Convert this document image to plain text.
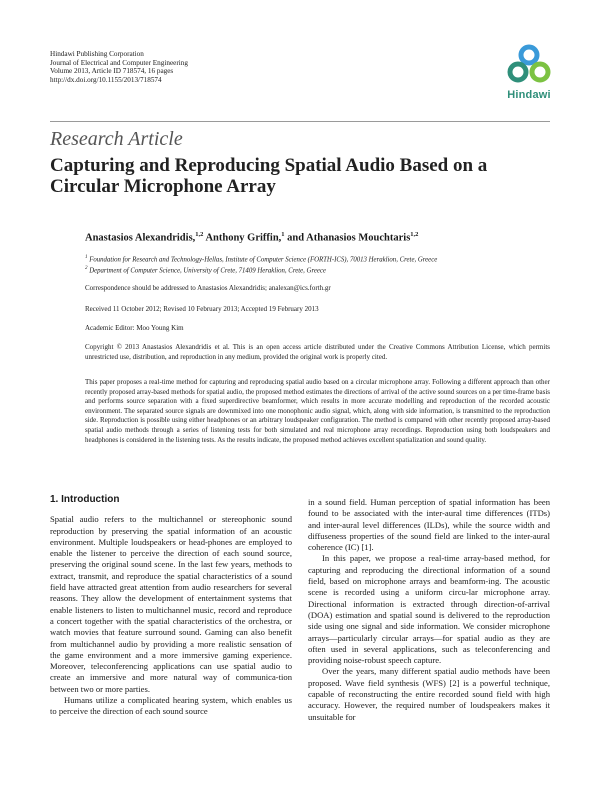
Hindawi Publishing Corporation
Journal of Electrical and Computer Engineering
Volume 2013, Article ID 718574, 16 pages
http://dx.doi.org/10.1155/2013/718574
Hindawi
Research Article
Capturing and Reproducing Spatial Audio Based on a Circular Microphone Array
Anastasios Alexandridis,$^{1,2}$ Anthony Griffin,$^1$ and Athanasios Mouchtaris$^{1,2}$
$^1$ Foundation for Research and Technology-Hellas, Institute of Computer Science (FORTH-ICS), 70013 Heraklion, Crete, Greece
$^2$ Department of Computer Science, University of Crete, 71409 Heraklion, Crete, Greece
Correspondence should be addressed to Anastasios Alexandridis; analexan@ics.forth.gr
Received 11 October 2012; Revised 10 February 2013; Accepted 19 February 2013
Academic Editor: Moo Young Kim
Copyright © 2013 Anastasios Alexandridis et al. This is an open access article distributed under the Creative Commons Attribution License, which permits unrestricted use, distribution, and reproduction in any medium, provided the original work is properly cited.
This paper proposes a real-time method for capturing and reproducing spatial audio based on a circular microphone array. Following a different approach than other recently proposed array-based methods for spatial audio, the proposed method estimates the directions of arrival of the active sound sources on a per time-frame basis and performs source separation with a fixed superdirective beamformer, which results in more accurate modelling and reproduction of the recorded acoustic environment. The separated source signals are downmixed into one monophonic audio signal, which, along with side information, is transmitted to the reproduction side. Reproduction is possible using either headphones or an arbitrary loudspeaker configuration. The method is compared with other recently proposed array-based spatial audio methods through a series of listening tests for both simulated and real microphone array recordings. Reproduction using both loudspeakers and headphones is considered in the listening tests. As the results indicate, the proposed method achieves excellent spatialization and sound quality.
1. Introduction

Spatial audio refers to the multichannel or stereophonic sound reproduction by preserving the spatial information of an acoustic environment. Multiple loudspeakers or head-phones are employed to enable the listener to perceive the direction of each sound source, preserving the original sound scene. In the last few years, methods to extract, transmit, and reproduce the spatial characteristics of a sound field have attracted great attention from audio researchers for several reasons. They allow the development of entertainment systems that enable listeners to listen to multichannel music, record and reproduce a concert together with the spatial characteristics of the orchestra, or watch movies that feature surround sound. Gaming can also benefit from multichannel audio by providing a more realistic sensation of the game environment and a more immersive gaming experience. Moreover, teleconferencing applications can use spatial audio to create an immersive and more natural way of communica-tion between two or more parties.

Humans utilize a complicated hearing system, which enables us to perceive the direction of each sound source

in a sound field. Human perception of spatial information has been found to be associated with the inter-aural time differences (ITDs) and inter-aural level differences (ILDs), while the source width and diffuseness properties of the sound field are linked to the inter-aural coherence (IC) [1].

In this paper, we propose a real-time array-based method, for capturing and reproducing the directional information of a sound field, based on microphone arrays and beamform-ing. The acoustic scene is recorded using a uniform circu-lar microphone array. Directional information is extracted through direction-of-arrival (DOA) estimation and spatial sound is delivered to the reproduction side using one signal and side information. We consider microphone arrays—particularly circular arrays—for spatial audio as they are often used in several applications, such as teleconferencing and providing noise-robust speech capture.

Over the years, many different spatial audio methods have been proposed. Wave field synthesis (WFS) [2] is a powerful technique, capable of reconstructing the entire recorded sound field with high accuracy. However, the required number of loudspeakers makes it unsuitable for
